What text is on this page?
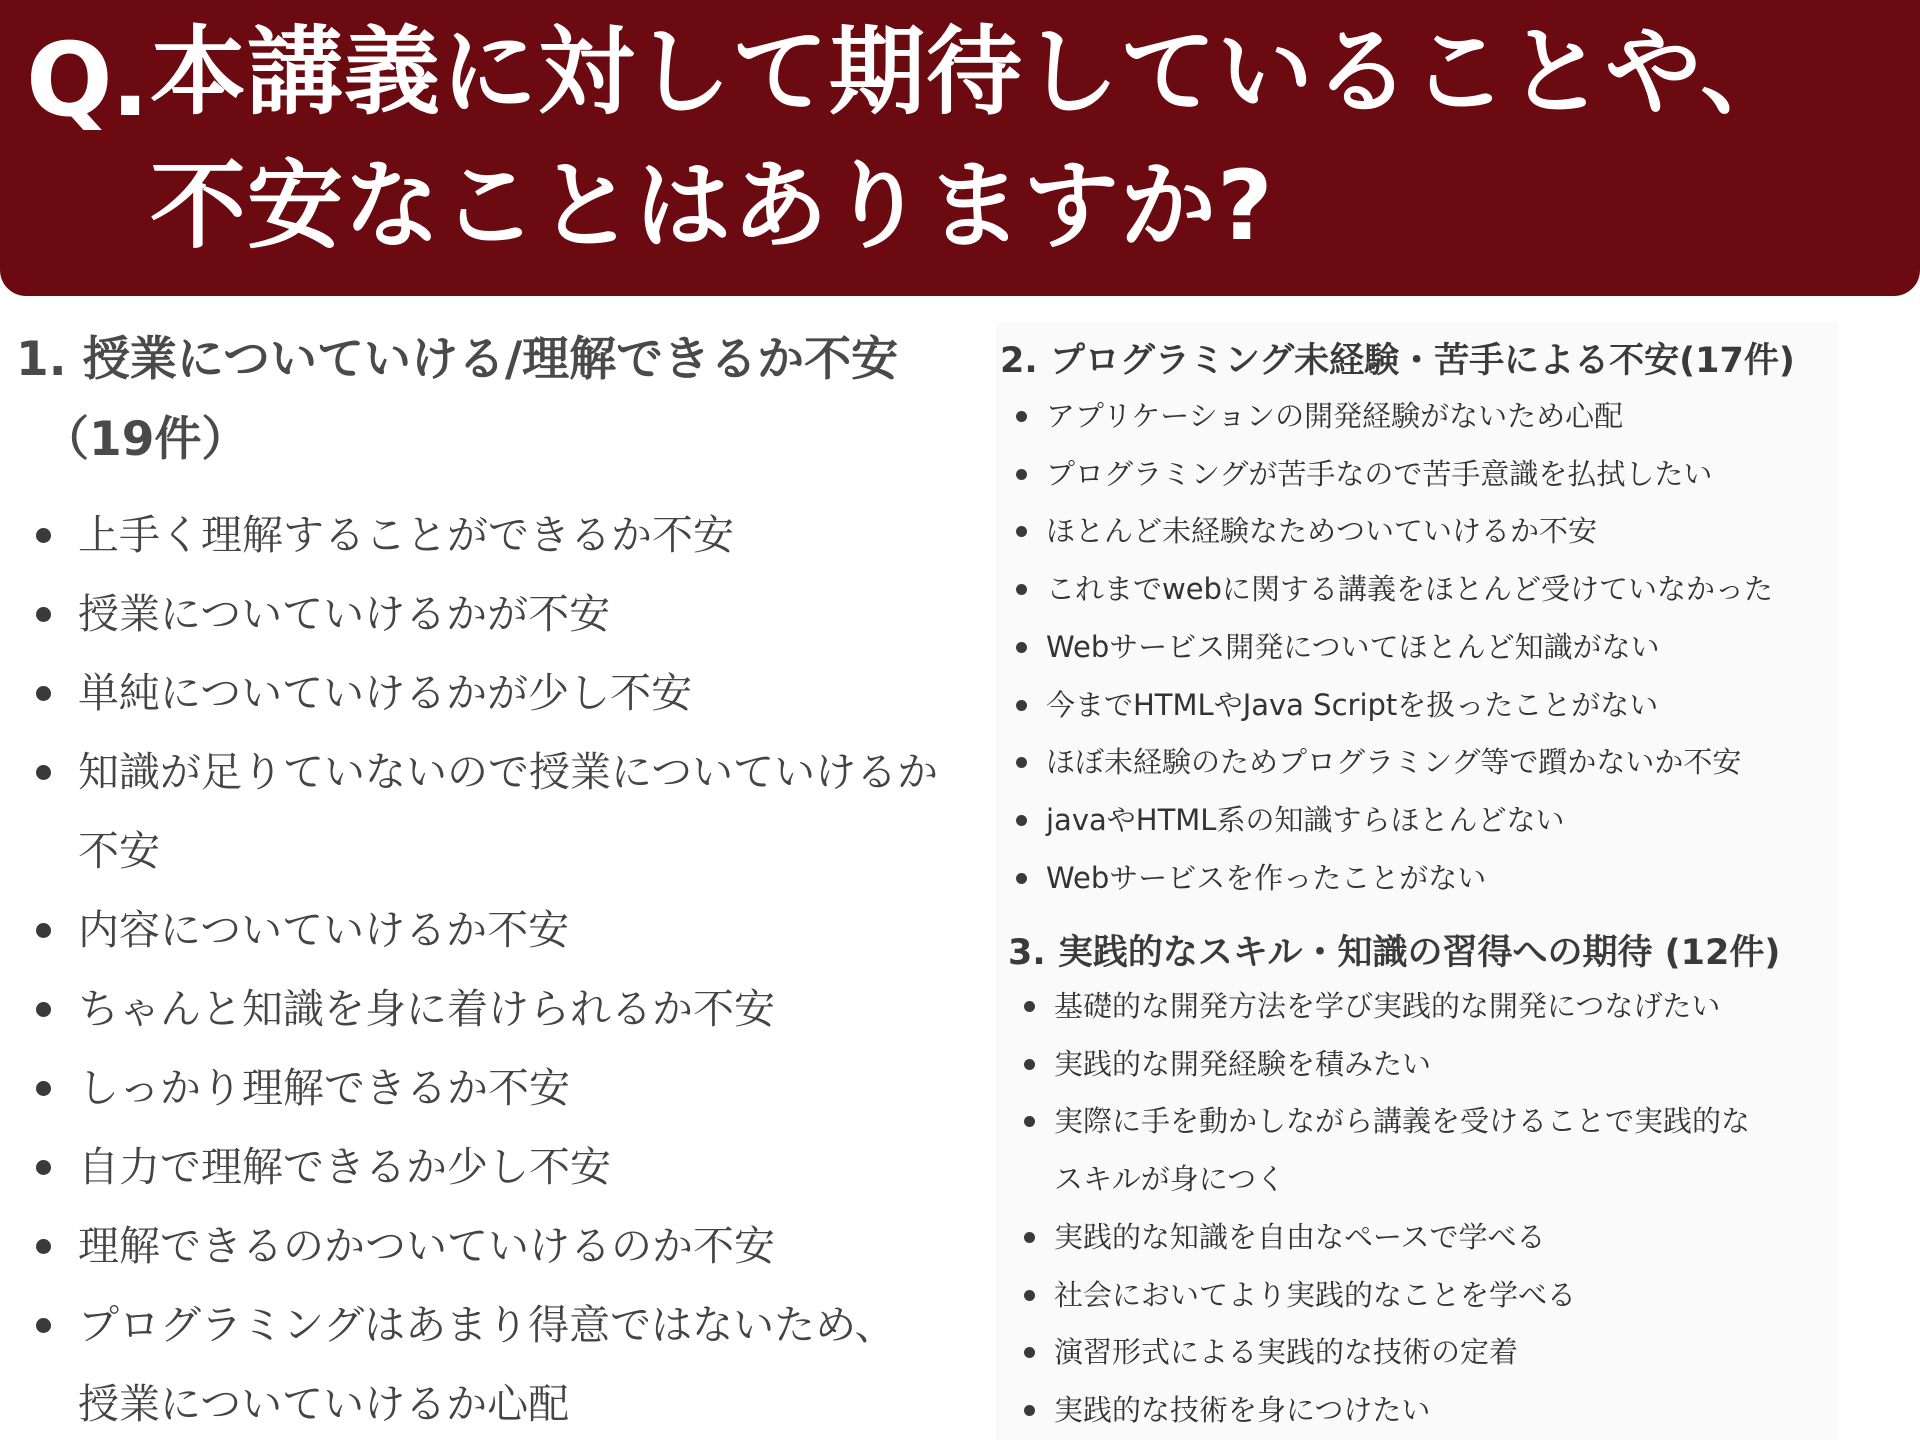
Q. 本講義に対して期待していることや、
不安なことはありますか?
1. 授業についていける/理解できるか不安
（19件）
上手く理解することができるか不安
授業についていけるかが不安
単純についていけるかが少し不安
知識が足りていないので授業についていけるか
不安
内容についていけるか不安
ちゃんと知識を身に着けられるか不安
しっかり理解できるか不安
自力で理解できるか少し不安
理解できるのかついていけるのか不安
プログラミングはあまり得意ではないため、
授業についていけるか心配
2. プログラミング未経験・苦手による不安(17件)
アプリケーションの開発経験がないため心配
プログラミングが苦手なので苦手意識を払拭したい
ほとんど未経験なためついていけるか不安
これまでwebに関する講義をほとんど受けていなかった
Webサービス開発についてほとんど知識がない
今までHTMLやJava Scriptを扱ったことがない
ほぼ未経験のためプログラミング等で躓かないか不安
javaやHTML系の知識すらほとんどない
Webサービスを作ったことがない
3. 実践的なスキル・知識の習得への期待 (12件)
基礎的な開発方法を学び実践的な開発につなげたい
実践的な開発経験を積みたい
実際に手を動かしながら講義を受けることで実践的な
スキルが身につく
実践的な知識を自由なペースで学べる
社会においてより実践的なことを学べる
演習形式による実践的な技術の定着
実践的な技術を身につけたい
